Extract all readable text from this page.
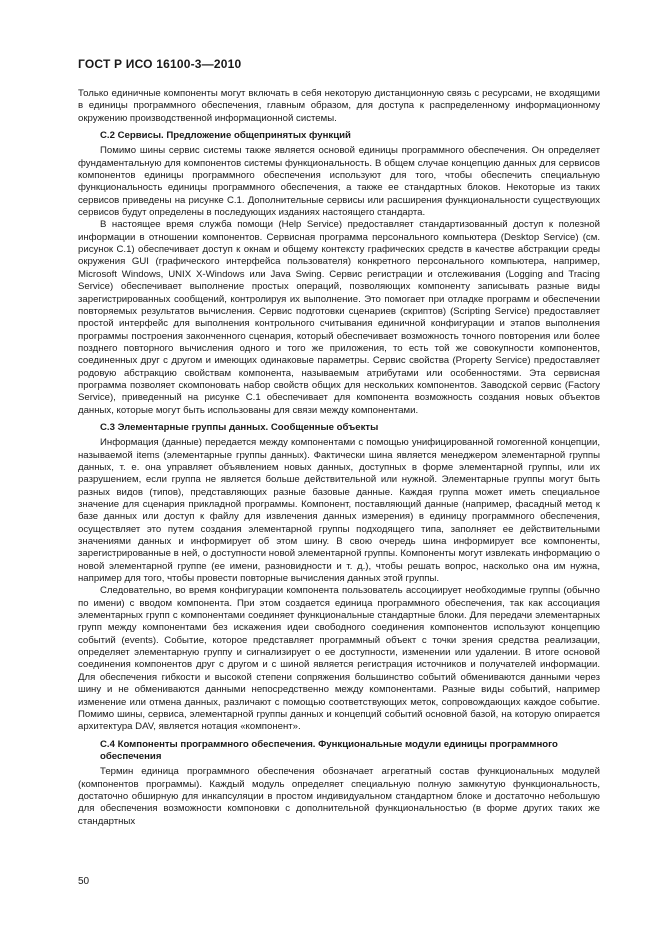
ГОСТ Р ИСО 16100-3—2010

Только единичные компоненты могут включать в себя некоторую дистанционную связь с ресурсами, не входящими в единицы программного обеспечения, главным образом, для доступа к распределенному информационному окружению производственной информационной системы.

С.2 Сервисы. Предложение общепринятых функций

Помимо шины сервис системы также является основой единицы программного обеспечения. Он определяет фундаментальную для компонентов системы функциональность. В общем случае концепцию данных для сервисов компонентов единицы программного обеспечения используют для того, чтобы обеспечить специальную функциональность единицы программного обеспечения, а также ее стандартных блоков. Некоторые из таких сервисов приведены на рисунке С.1. Дополнительные сервисы или расширения функциональности существующих сервисов будут определены в последующих изданиях настоящего стандарта.

В настоящее время служба помощи (Help Service) предоставляет стандартизованный доступ к полезной информации в отношении компонентов. Сервисная программа персонального компьютера (Desktop Service) (см. рисунок С.1) обеспечивает доступ к окнам и общему контексту графических средств в качестве абстракции среды окружения GUI (графического интерфейса пользователя) конкретного персонального компьютера, например, Microsoft Windows, UNIX X-Windows или Java Swing. Сервис регистрации и отслеживания (Logging and Tracing Service) обеспечивает выполнение простых операций, позволяющих компоненту записывать разные виды зарегистрированных сообщений, контролируя их выполнение. Это помогает при отладке программ и обеспечении повторяемых результатов вычисления. Сервис подготовки сценариев (скриптов) (Scripting Service) предоставляет простой интерфейс для выполнения контрольного считывания единичной конфигурации и этапов выполнения программы построения законченного сценария, который обеспечивает возможность точного повторения или более позднего повторного вычисления одного и того же приложения, то есть той же совокупности компонентов, соединенных друг с другом и имеющих одинаковые параметры. Сервис свойства (Property Service) предоставляет родовую абстракцию свойствам компонента, называемым атрибутами или особенностями. Эта сервисная программа позволяет скомпоновать набор свойств общих для нескольких компонентов. Заводской сервис (Factory Service), приведенный на рисунке С.1 обеспечивает для компонента возможность создания новых объектов данных, которые могут быть использованы для связи между компонентами.

С.3 Элементарные группы данных. Сообщенные объекты

Информация (данные) передается между компонентами с помощью унифицированной гомогенной концепции, называемой items (элементарные группы данных). Фактически шина является менеджером элементарной группы данных, т. е. она управляет объявлением новых данных, доступных в форме элементарной группы, или их разрушением, если группа не является больше действительной или нужной. Элементарные группы могут быть разных видов (типов), представляющих разные базовые данные. Каждая группа может иметь специальное значение для сценария прикладной программы. Компонент, поставляющий данные (например, фасадный метод к базе данных или доступ к файлу для извлечения данных измерения) в единицу программного обеспечения, осуществляет это путем создания элементарной группы подходящего типа, заполняет ее действительными значениями данных и информирует об этом шину. В свою очередь шина информирует все компоненты, зарегистрированные в ней, о доступности новой элементарной группы. Компоненты могут извлекать информацию о новой элементарной группе (ее имени, разновидности и т. д.), чтобы решать вопрос, насколько она им нужна, например для того, чтобы провести повторные вычисления данных этой группы.

Следовательно, во время конфигурации компонента пользователь ассоциирует необходимые группы (обычно по имени) с вводом компонента. При этом создается единица программного обеспечения, так как ассоциация элементарных групп с компонентами соединяет функциональные стандартные блоки. Для передачи элементарных групп между компонентами без искажения идеи свободного соединения компонентов используют концепцию событий (events). Событие, которое представляет программный объект с точки зрения средства реализации, определяет элементарную группу и сигнализирует о ее доступности, изменении или удалении. В итоге основой соединения компонентов друг с другом и с шиной является регистрация источников и получателей информации. Для обеспечения гибкости и высокой степени сопряжения большинство событий обмениваются данными через шину и не обмениваются данными непосредственно между компонентами. Разные виды событий, например изменение или отмена данных, различают с помощью соответствующих меток, сопровождающих каждое событие. Помимо шины, сервиса, элементарной группы данных и концепций событий основной базой, на которую опирается архитектура DAV, является нотация «компонент».

С.4 Компоненты программного обеспечения. Функциональные модули единицы программного обеспечения

Термин единица программного обеспечения обозначает агрегатный состав функциональных модулей (компонентов программы). Каждый модуль определяет специальную полную замкнутую функциональность, достаточно обширную для инкапсуляции в простом индивидуальном стандартном блоке и достаточно небольшую для обеспечения возможности компоновки с дополнительной функциональностью (в форме других таких же стандартных

50
